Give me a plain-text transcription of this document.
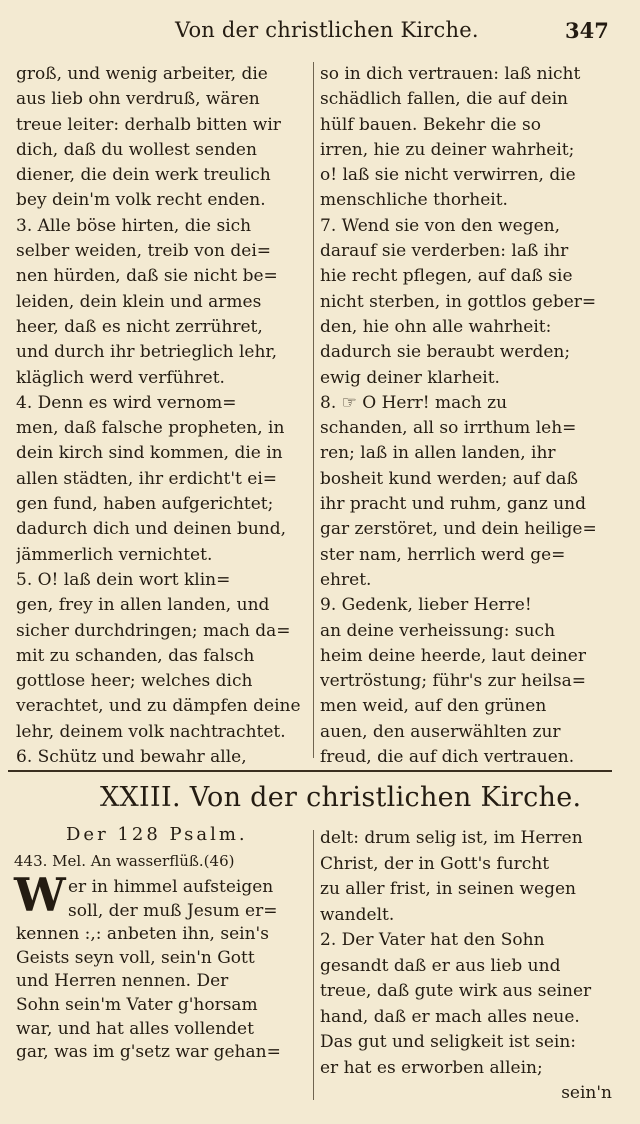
Von der christlichen Kirche.	347
groß, und wenig arbeiter, die
aus lieb ohn verdruß, wären
treue leiter: derhalb bitten wir
dich, daß du wollest senden
diener, die dein werk treulich
bey dein'm volk recht enden.
3. Alle böse hirten, die sich
selber weiden, treib von dei=
nen hürden, daß sie nicht be=
leiden, dein klein und armes
heer, daß es nicht zerrühret,
und durch ihr betrieglich lehr,
kläglich werd verführet.
4. Denn es wird vernom=
men, daß falsche propheten, in
dein kirch sind kommen, die in
allen städten, ihr erdicht't ei=
gen fund, haben aufgerichtet;
dadurch dich und deinen bund,
jämmerlich vernichtet.
5. O! laß dein wort klin=
gen, frey in allen landen, und
sicher durchdringen; mach da=
mit zu schanden, das falsch
gottlose heer; welches dich
verachtet, und zu dämpfen deine
lehr, deinem volk nachtrachtet.
6. Schütz und bewahr alle,
so in dich vertrauen: laß nicht
schädlich fallen, die auf dein
hülf bauen. Bekehr die so
irren, hie zu deiner wahrheit;
o! laß sie nicht verwirren, die
menschliche thorheit.
7. Wend sie von den wegen,
darauf sie verderben: laß ihr
hie recht pflegen, auf daß sie
nicht sterben, in gottlos geber=
den, hie ohn alle wahrheit:
dadurch sie beraubt werden;
ewig deiner klarheit.
8. ☞ O Herr! mach zu
schanden, all so irrthum leh=
ren; laß in allen landen, ihr
bosheit kund werden; auf daß
ihr pracht und ruhm, ganz und
gar zerstöret, und dein heilige=
ster nam, herrlich werd ge=
ehret.
9. Gedenk, lieber Herre!
an deine verheissung: such
heim deine heerde, laut deiner
vertröstung; führ's zur heilsa=
men weid, auf den grünen
auen, den auserwählten zur
freud, die auf dich vertrauen.
XXIII. Von der christlichen Kirche.
Der 128 Psalm.
443. Mel. An wasserflüß.(46)
W er in himmel aufsteigen
soll, der muß Jesum er=
kennen :,: anbeten ihn, sein's
Geists seyn voll, sein'n Gott
und Herren nennen. Der
Sohn sein'm Vater g'horsam
war, und hat alles vollendet
gar, was im g'setz war gehan=
delt: drum selig ist, im Herren
Christ, der in Gott's furcht
zu aller frist, in seinen wegen
wandelt.
2. Der Vater hat den Sohn
gesandt daß er aus lieb und
treue, daß gute wirk aus seiner
hand, daß er mach alles neue.
Das gut und seligkeit ist sein:
er hat es erworben allein;
sein'n
